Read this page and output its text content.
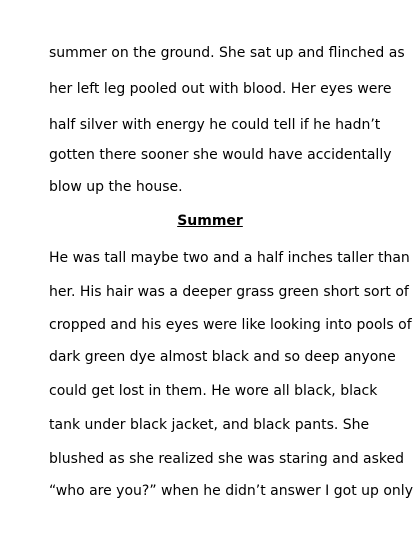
summer on the ground. She sat up and flinched as
her left leg pooled out with blood. Her eyes were
half silver with energy he could tell if he hadn’t
gotten there sooner she would have accidentally
blow up the house.
Summer
He was tall maybe two and a half inches taller than
her. His hair was a deeper grass green short sort of
cropped and his eyes were like looking into pools of
dark green dye almost black and so deep anyone
could get lost in them. He wore all black, black
tank under black jacket, and black pants. She
blushed as she realized she was staring and asked
“who are you?” when he didn’t answer I got up only
